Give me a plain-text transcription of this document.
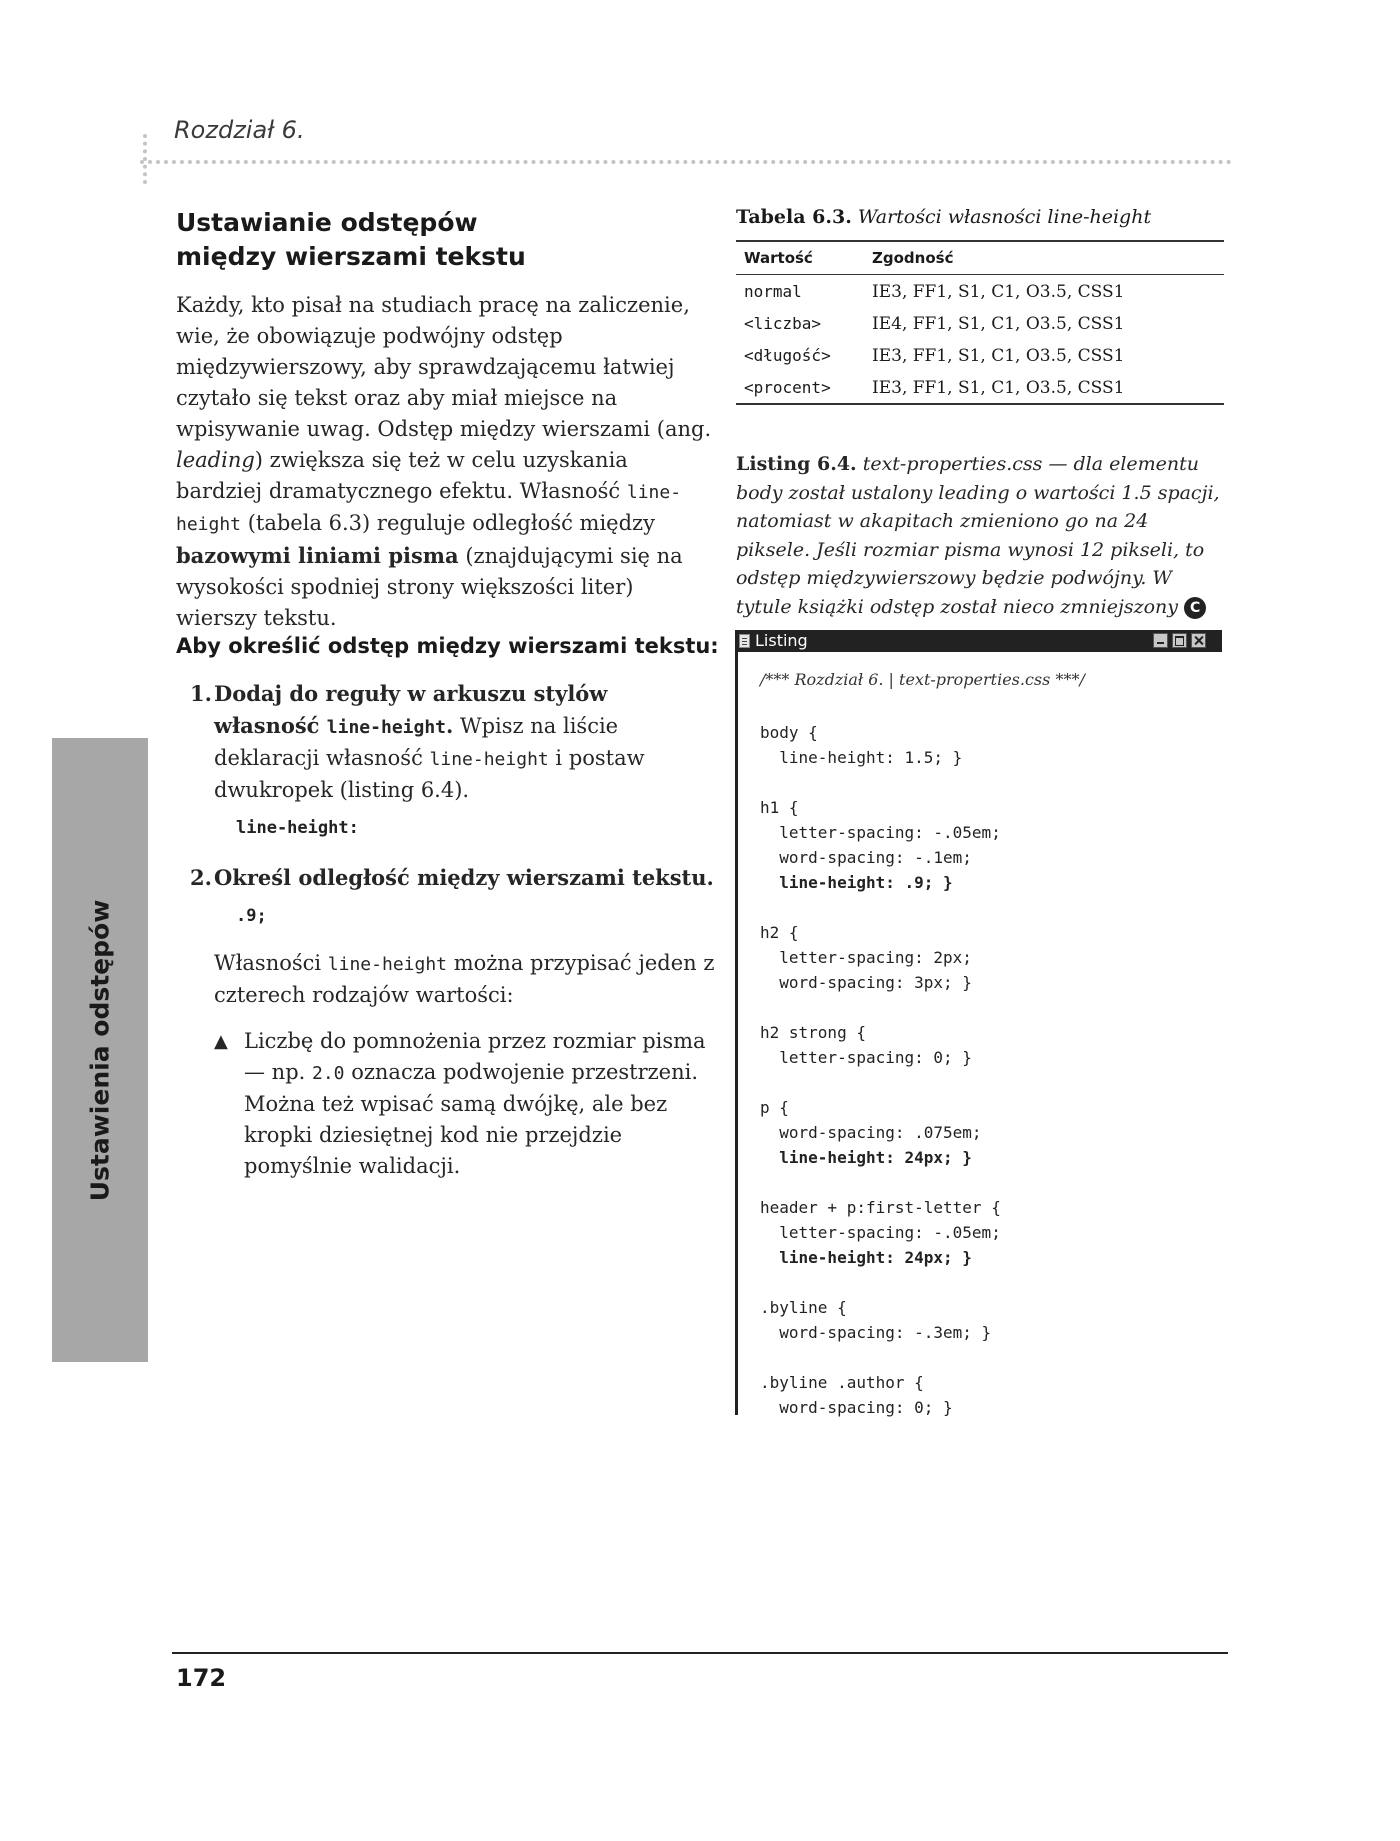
Rozdział 6.
Ustawienia odstępów
Ustawianie odstępów
między wierszami tekstu
Każdy, kto pisał na studiach pracę na zaliczenie, wie, że obowiązuje podwójny odstęp międzywierszowy, aby sprawdzającemu łatwiej czytało się tekst oraz aby miał miejsce na wpisywanie uwag. Odstęp między wierszami (ang. leading) zwiększa się też w celu uzyskania bardziej dramatycznego efektu. Własność line-height (tabela 6.3) reguluje odległość między bazowymi liniami pisma (znajdującymi się na wysokości spodniej strony większości liter) wierszy tekstu.
Aby określić odstęp między wierszami tekstu:
1. Dodaj do reguły w arkuszu stylów własność line-height. Wpisz na liście deklaracji własność line-height i postaw dwukropek (listing 6.4).
line-height:
2. Określ odległość między wierszami tekstu.
.9;
Własności line-height można przypisać jeden z czterech rodzajów wartości:
▲ Liczbę do pomnożenia przez rozmiar pisma — np. 2.0 oznacza podwojenie przestrzeni. Można też wpisać samą dwójkę, ale bez kropki dziesiętnej kod nie przejdzie pomyślnie walidacji.
Tabela 6.3. Wartości własności line-height
Wartość	Zgodność
normal	IE3, FF1, S1, C1, O3.5, CSS1
<liczba>	IE4, FF1, S1, C1, O3.5, CSS1
<długość>	IE3, FF1, S1, C1, O3.5, CSS1
<procent>	IE3, FF1, S1, C1, O3.5, CSS1
Listing 6.4. text-properties.css — dla elementu body został ustalony leading o wartości 1.5 spacji, natomiast w akapitach zmieniono go na 24 piksele. Jeśli rozmiar pisma wynosi 12 pikseli, to odstęp międzywierszowy będzie podwójny. W tytule książki odstęp został nieco zmniejszony C
Listing
/*** Rozdział 6. | text-properties.css ***/
body {
line-height: 1.5; }
h1 {
letter-spacing: -.05em;
word-spacing: -.1em;
line-height: .9; }
h2 {
letter-spacing: 2px;
word-spacing: 3px; }
h2 strong {
letter-spacing: 0; }
p {
word-spacing: .075em;
line-height: 24px; }
header + p:first-letter {
letter-spacing: -.05em;
line-height: 24px; }
.byline {
word-spacing: -.3em; }
.byline .author {
word-spacing: 0; }
172
